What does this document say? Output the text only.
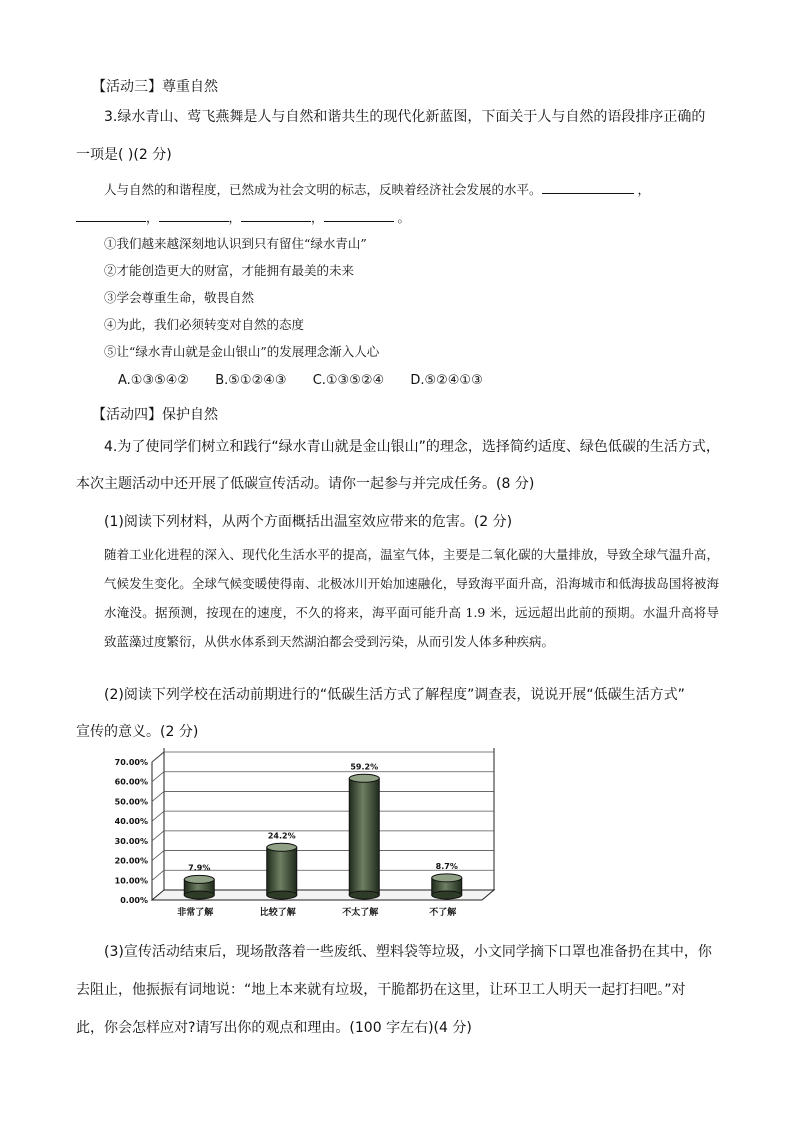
【活动三】尊重自然
3.绿水青山、莺飞燕舞是人与自然和谐共生的现代化新蓝图，下面关于人与自然的语段排序正确的
一项是( )(2 分)
人与自然的和谐程度，已然成为社会文明的标志，反映着经济社会发展的水平。	，
，	，	，	。
①我们越来越深刻地认识到只有留住“绿水青山”
②才能创造更大的财富，才能拥有最美的未来
③学会尊重生命，敬畏自然
④为此，我们必须转变对自然的态度
⑤让“绿水青山就是金山银山”的发展理念渐入人心
A.①③⑤④② B.⑤①②④③ C.①③⑤②④ D.⑤②④①③
【活动四】保护自然
4.为了使同学们树立和践行“绿水青山就是金山银山”的理念，选择简约适度、绿色低碳的生活方式，
本次主题活动中还开展了低碳宣传活动。请你一起参与并完成任务。(8 分)
(1)阅读下列材料，从两个方面概括出温室效应带来的危害。(2 分)
随着工业化进程的深入、现代化生活水平的提高，温室气体，主要是二氧化碳的大量排放，导致全球气温升高，气候发生变化。全球气候变暖使得南、北极冰川开始加速融化，导致海平面升高，沿海城市和低海拔岛国将被海水淹没。据预测，按现在的速度，不久的将来，海平面可能升高 1.9 米，远远超出此前的预期。水温升高将导致蓝藻过度繁衍，从供水体系到天然湖泊都会受到污染，从而引发人体多种疾病。
(2)阅读下列学校在活动前期进行的“低碳生活方式了解程度”调查表，说说开展“低碳生活方式”
宣传的意义。(2 分)
0.00%
10.00%
20.00%
30.00%
40.00%
50.00%
60.00%
70.00%
7.9%
24.2%
59.2%
8.7%
非常了解	比较了解	不太了解	不了解
(3)宣传活动结束后，现场散落着一些废纸、塑料袋等垃圾，小文同学摘下口罩也准备扔在其中，你
去阻止，他振振有词地说：“地上本来就有垃圾，干脆都扔在这里，让环卫工人明天一起打扫吧。”对
此，你会怎样应对?请写出你的观点和理由。(100 字左右)(4 分)
